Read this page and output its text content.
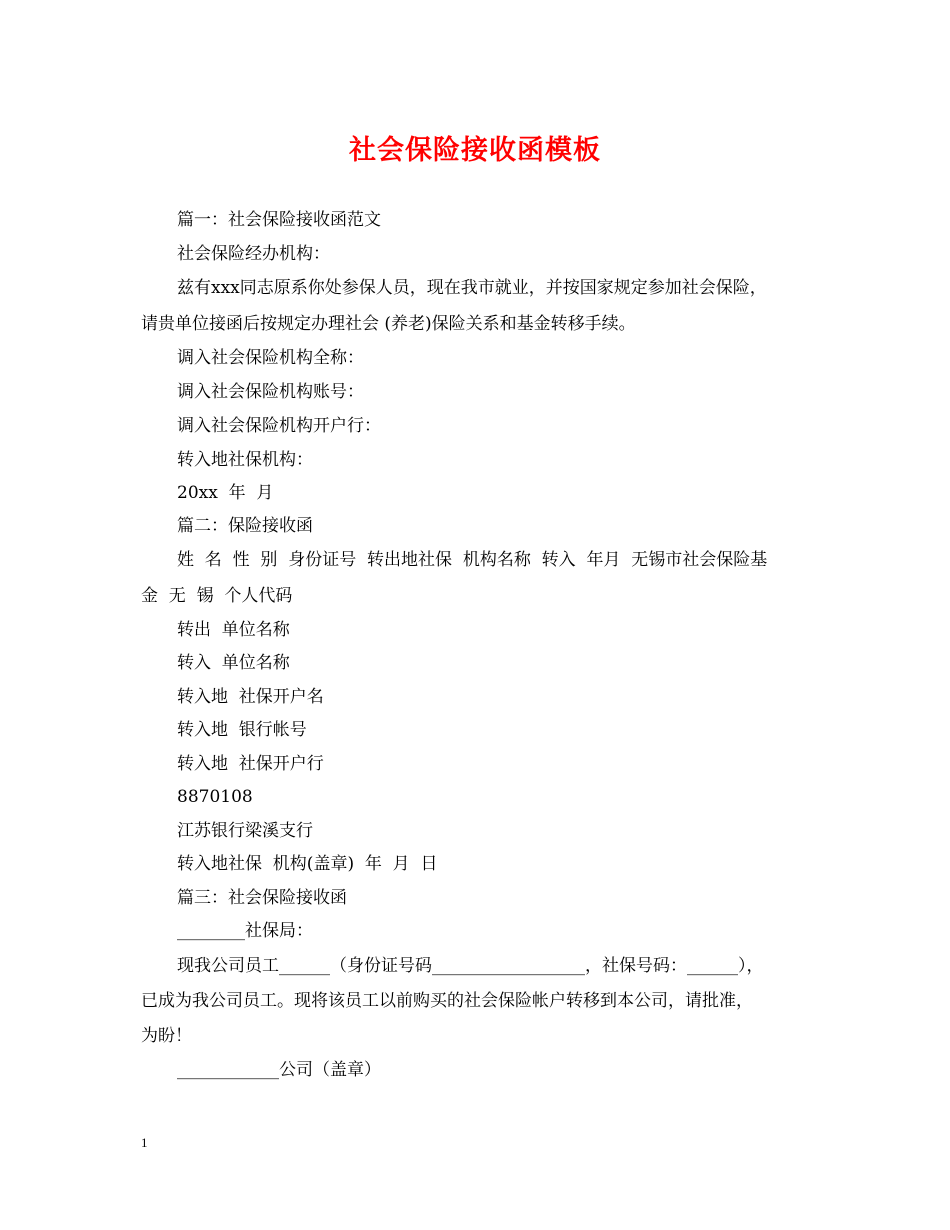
社会保险接收函模板
篇一：社会保险接收函范文
社会保险经办机构：
兹有xxx同志原系你处参保人员，现在我市就业，并按国家规定参加社会保险，
请贵单位接函后按规定办理社会 (养老)保险关系和基金转移手续。
调入社会保险机构全称：
调入社会保险机构账号：
调入社会保险机构开户行：
转入地社保机构：
20xx  年  月
篇二：保险接收函
姓  名  性  别  身份证号  转出地社保  机构名称  转入  年月  无锡市社会保险基
金  无  锡  个人代码
转出  单位名称
转入  单位名称
转入地  社保开户名
转入地  银行帐号
转入地  社保开户行
8870108
江苏银行梁溪支行
转入地社保  机构(盖章)  年  月  日
篇三：社会保险接收函
________社保局：
现我公司员工______（身份证号码__________________，社保号码：______），
已成为我公司员工。现将该员工以前购买的社会保险帐户转移到本公司，请批准，
为盼！
____________公司（盖章）
1
